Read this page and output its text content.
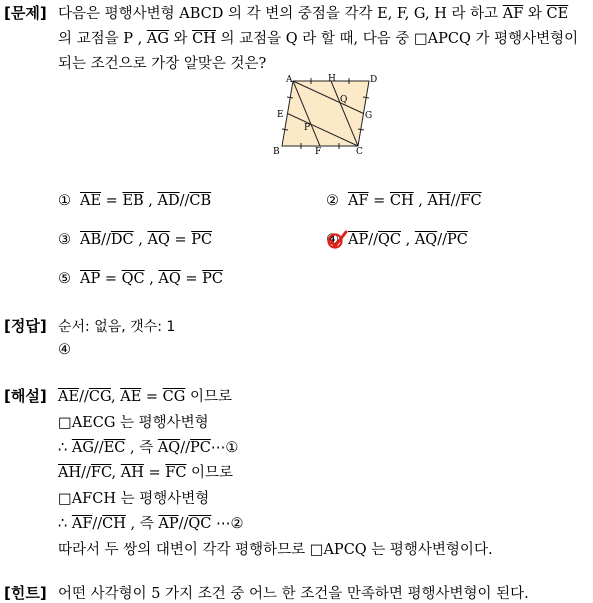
[문제] 다음은 평행사변형 ABCD 의 각 변의 중점을 각각 E, F, G, H 라 하고 $\overline{AF}$ 와 $\overline{CE}$
의 교점을 P , $\overline{AG}$ 와 $\overline{CH}$ 의 교점을 Q 라 할 때, 다음 중 □APCQ 가 평행사변형이
되는 조건으로 가장 알맞은 것은?
A	H	D
Q
E	G
P
B	F	C
① $\overline{AE} = \overline{EB}$ , $\overline{AD}//\overline{CB}$	② $\overline{AF} = \overline{CH}$ , $\overline{AH}//\overline{FC}$
③ $\overline{AB}//\overline{DC}$ , $\overline{AQ} = \overline{PC}$	④ $\overline{AP}//\overline{QC}$ , $\overline{AQ}//\overline{PC}$
⑤ $\overline{AP} = \overline{QC}$ , $\overline{AQ} = \overline{PC}$
[정답] 순서: 없음, 갯수: 1
④
[해설] $\overline{AE}//\overline{CG}$, $\overline{AE} = \overline{CG}$ 이므로
□AECG 는 평행사변형
∴ $\overline{AG}//\overline{EC}$ , 즉 $\overline{AQ}//\overline{PC}\cdots ①$
$\overline{AH}//\overline{FC}$, $\overline{AH} = \overline{FC}$ 이므로
□AFCH 는 평행사변형
∴ $\overline{AF}//\overline{CH}$ , 즉 $\overline{AP}//\overline{QC}$ ⋯②
따라서 두 쌍의 대변이 각각 평행하므로 □APCQ 는 평행사변형이다.
[힌트] 어떤 사각형이 5 가지 조건 중 어느 한 조건을 만족하면 평행사변형이 된다.
